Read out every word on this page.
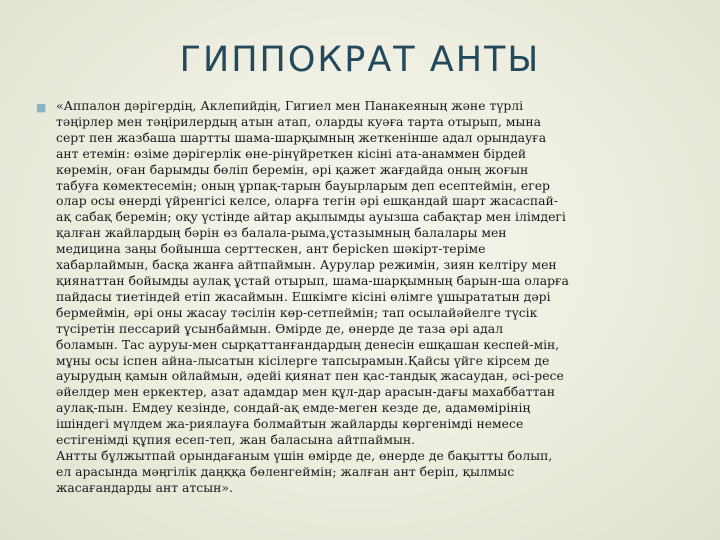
ГИППОКРАТ АНТЫ
■ «Аппалон дәрігердің, Аклепийдің, Гигиел мен Панакеяның және түрлі
тәңірлер мен тәңірилердың атын атап, оларды куәға тарта отырып, мына
серт пен жазбаша шартты шама-шарқымның жеткенінше адал орындауға
ант етемін: өзіме дәрігерлік өне-рінүйреткен кісіні ата-анаммен бірдей
көремін, оған барымды бөліп беремін, әрі қажет жағдайда оның жоғын
табуға көмектесемін; оның ұрпақ-тарын бауырларым деп есептеймін, егер
олар осы өнерді үйренгісі келсе, оларға тегін әрі ешқандай шарт жасаспай-
ақ сабақ беремін; оқу үстінде айтар ақылымды ауызша сабақтар мен ілімдегі
қалған жайлардың бәрін өз балала-рыма,ұстазымның балалары мен
медицина заңы бойынша серттескен, ант берісken шәкірт-теріме
хабарлаймын, басқа жанға айтпаймын. Аурулар режимін, зиян келтіру мен
қиянаттан бойымды аулақ ұстай отырып, шама-шарқымның барын-ша оларға
пайдасы тиетіндей етіп жасаймын. Ешкімге кісіні өлімге ұшырататын дәрі
бермеймін, әрі оны жасау тәсілін көр-сетпеймін; тап осылайәйелге түсік
түсіретін пессарий ұсынбаймын. Өмірде де, өнерде де таза әрі адал
боламын. Тас ауруы-мен сырқаттанғандардың денесін ешқашан кеспей-мін,
мұны осы іспен айна-лысатын кісілерге тапсырамын.Қайсы үйге кірсем де
ауырудың қамын ойлаймын, әдейі қиянат пен қас-тандық жасаудан, әсі-ресе
әйелдер мен еркектер, азат адамдар мен құл-дар арасын-дағы махаббаттан
аулақ-пын. Емдеу кезінде, сондай-ақ емде-меген кезде де, адамөмірінің
ішіндегі мүлдем жа-риялауға болмайтын жайларды көргенімді немесе
естігенімді құпия есеп-теп, жан баласына айтпаймын.
Антты бұлжытпай орындағаным үшін өмірде де, өнерде де бақытты болып,
ел арасында мәңгілік даңққа бөленгеймін; жалған ант беріп, қылмыс
жасағандарды ант атсын».
